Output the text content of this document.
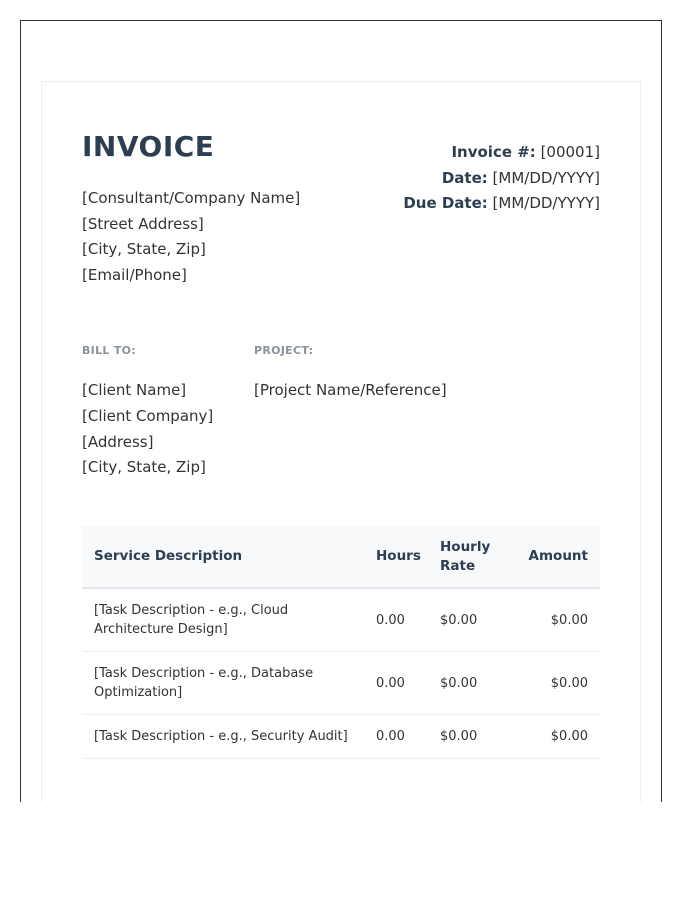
INVOICE
[Consultant/Company Name]
[Street Address]
[City, State, Zip]
[Email/Phone]
Invoice #: [00001]
Date: [MM/DD/YYYY]
Due Date: [MM/DD/YYYY]
BILL TO:	PROJECT:
[Client Name]
[Client Company]
[Address]
[City, State, Zip]
[Project Name/Reference]
Service Description	Hours	Hourly Rate	Amount
[Task Description - e.g., Cloud Architecture Design]	0.00	$0.00	$0.00
[Task Description - e.g., Database Optimization]	0.00	$0.00	$0.00
[Task Description - e.g., Security Audit]	0.00	$0.00	$0.00
